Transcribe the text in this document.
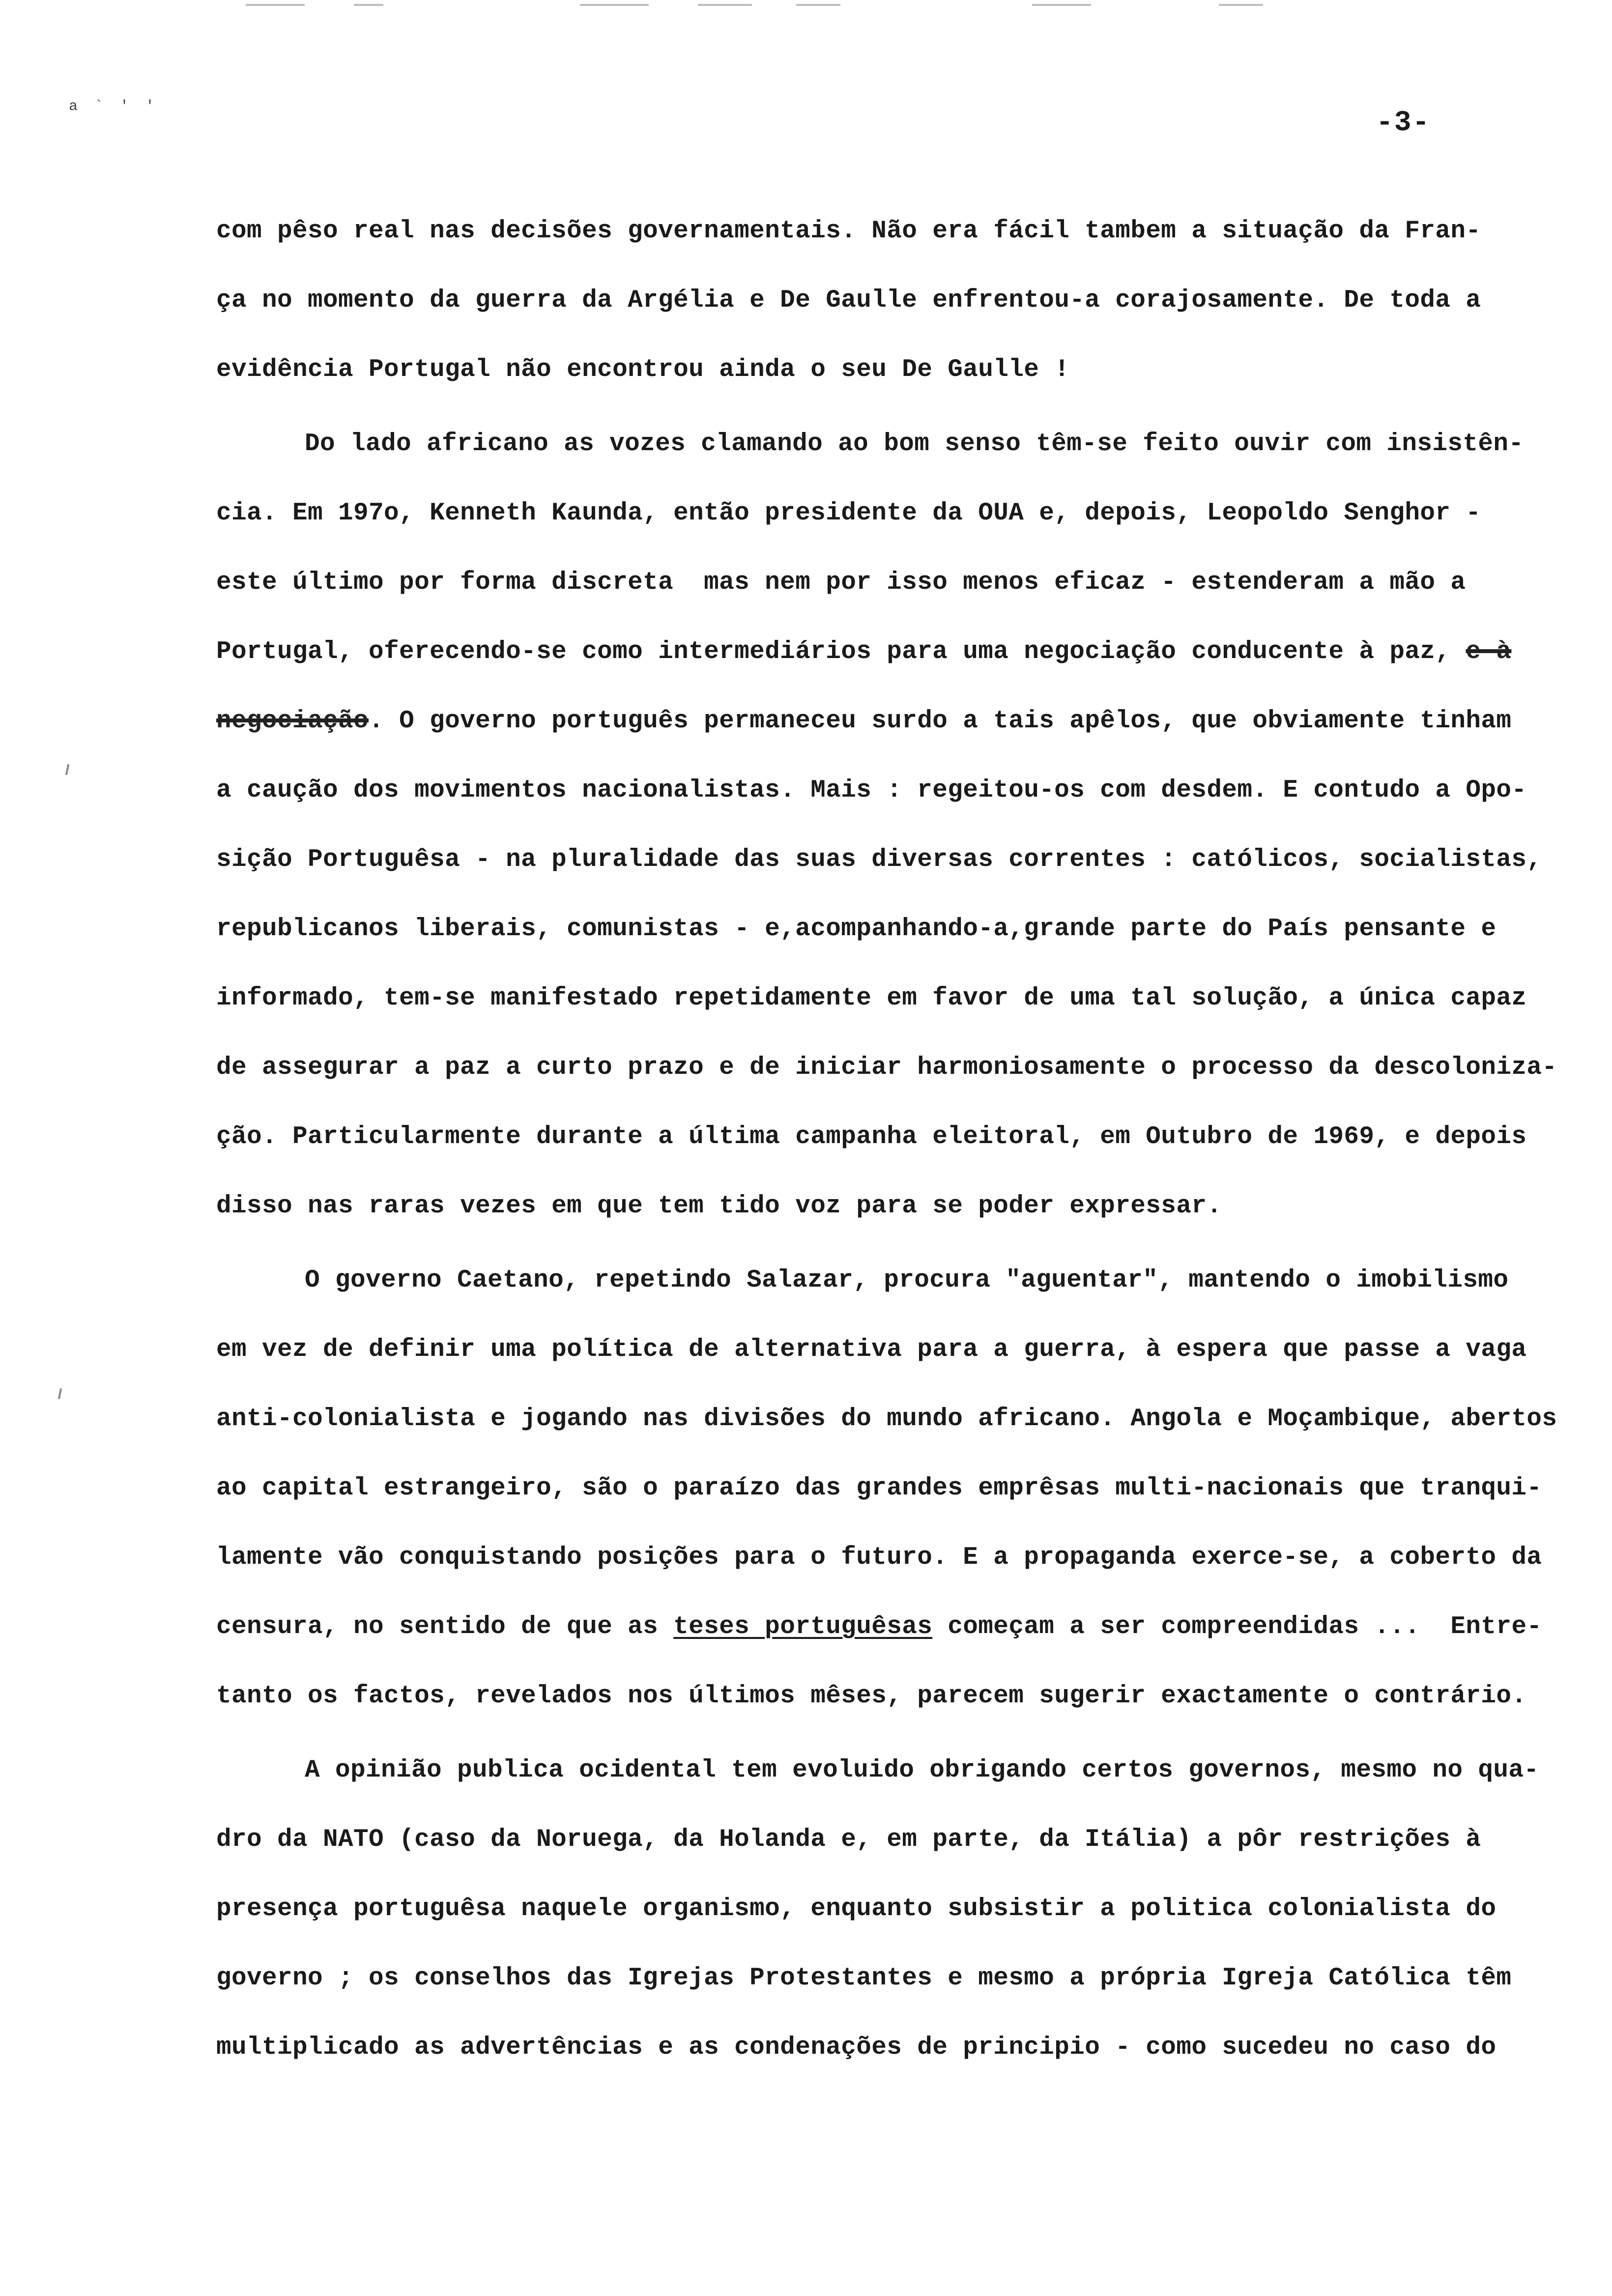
a ` ' '
-3-
com pêso real nas decisões governamentais. Não era fácil tambem a situação da Fran-
ça no momento da guerra da Argélia e De Gaulle enfrentou-a corajosamente. De toda a
evidência Portugal não encontrou ainda o seu De Gaulle !
Do lado africano as vozes clamando ao bom senso têm-se feito ouvir com insistên-
cia. Em 197o, Kenneth Kaunda, então presidente da OUA e, depois, Leopoldo Senghor -
este último por forma discreta  mas nem por isso menos eficaz - estenderam a mão a
Portugal, oferecendo-se como intermediários para uma negociação conducente à paz, e à
negociação. O governo português permaneceu surdo a tais apêlos, que obviamente tinham
a caução dos movimentos nacionalistas. Mais : regeitou-os com desdem. E contudo a Opo-
sição Portuguêsa - na pluralidade das suas diversas correntes : católicos, socialistas,
republicanos liberais, comunistas - e,acompanhando-a,grande parte do País pensante e
informado, tem-se manifestado repetidamente em favor de uma tal solução, a única capaz
de assegurar a paz a curto prazo e de iniciar harmoniosamente o processo da descoloniza-
ção. Particularmente durante a última campanha eleitoral, em Outubro de 1969, e depois
disso nas raras vezes em que tem tido voz para se poder expressar.
O governo Caetano, repetindo Salazar, procura "aguentar", mantendo o imobilismo
em vez de definir uma política de alternativa para a guerra, à espera que passe a vaga
anti-colonialista e jogando nas divisões do mundo africano. Angola e Moçambique, abertos
ao capital estrangeiro, são o paraízo das grandes emprêsas multi-nacionais que tranqui-
lamente vão conquistando posições para o futuro. E a propaganda exerce-se, a coberto da
censura, no sentido de que as teses portuguêsas começam a ser compreendidas ...  Entre-
tanto os factos, revelados nos últimos mêses, parecem sugerir exactamente o contrário.
A opinião publica ocidental tem evoluido obrigando certos governos, mesmo no qua-
dro da NATO (caso da Noruega, da Holanda e, em parte, da Itália) a pôr restrições à
presença portuguêsa naquele organismo, enquanto subsistir a politica colonialista do
governo ; os conselhos das Igrejas Protestantes e mesmo a própria Igreja Católica têm
multiplicado as advertências e as condenações de principio - como sucedeu no caso do
